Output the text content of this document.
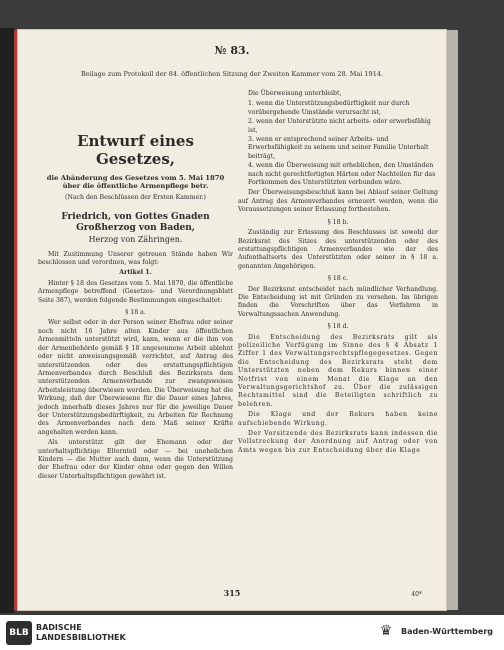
№ 83.
Beilage zum Protokoll der 84. öffentlichen Sitzung der Zweiten Kammer vom 28. Mai 1914.
Entwurf eines Gesetzes,
die Abänderung des Gesetzes vom 5. Mai 1870 über die öffentliche Armenpflege betr.
(Nach den Beschlüssen der Ersten Kammer.)
Friedrich, von Gottes Gnaden Großherzog von Baden,
Herzog von Zähringen.
Mit Zustimmung Unserer getreuen Stände haben Wir beschlossen und verordnen, was folgt:
Artikel 1.
Hinter § 18 des Gesetzes vom 5. Mai 1870, die öffentliche Armenpflege betreffend (Gesetzes- und Verordnungsblatt Seite 387), werden folgende Bestimmungen eingeschaltet:
§ 18 a.
Wer selbst oder in der Person seiner Ehefrau oder seiner noch nicht 16 Jahre alten Kinder aus öffentlichen Armenmitteln unterstützt wird, kann, wenn er die ihm von der Armenbehörde gemäß § 18 angesonnene Arbeit ablehnt oder nicht anweisungsgemäß verrichtet, auf Antrag des unterstützenden oder des erstattungspflichtigen Armenverbandes durch Beschluß des Bezirksrats dem unterstützenden Armenverbande zur zwangsweisen Arbeitsleistung überwiesen werden. Die Überweisung hat die Wirkung, daß der Überwiesene für die Dauer eines Jahres, jedoch innerhalb dieses Jahres nur für die jeweilige Dauer der Unterstützungsbedürftigkeit, zu Arbeiten für Rechnung des Armenverbandes nach dem Maß seiner Kräfte angehalten werden kann.
Als unterstützt gilt der Ehemann oder der unterhaltspflichtige Elternteil oder — bei unehelichen Kindern — die Mutter auch dann, wenn die Unterstützung der Ehefrau oder der Kinder ohne oder gegen den Willen dieser Unterhaltspflichtigen gewährt ist.
Die Überweisung unterbleibt,
1. wenn die Unterstützungsbedürftigkeit nur durch vorübergehende Umstände verursacht ist,
2. wenn der Unterstützte nicht arbeits- oder erwerbsfähig ist,
3. wenn er entsprechend seiner Arbeits- und Erwerbsfähigkeit zu seinem und seiner Familie Unterhalt beiträgt,
4. wenn die Überweisung mit erheblichen, den Umständen nach nicht gerechtfertigten Härten oder Nachteilen für das Fortkommen des Unterstützten verbunden wäre.
Der Überweisungsbeschluß kann bei Ablauf seiner Geltung auf Antrag des Armenverbandes erneuert werden, wenn die Voraussetzungen seiner Erlassung fortbestehen.
§ 18 b.
Zuständig zur Erlassung des Beschlusses ist sowohl der Bezirksrat des Sitzes des unterstützenden oder des erstattungspflichtigen Armenverbandes wie der des Aufenthaltsorts des Unterstützten oder seiner in § 18 a. genannten Angehörigen.
§ 18 c.
Der Bezirksrat entscheidet nach mündlicher Verhandlung. Die Entscheidung ist mit Gründen zu versehen. Im übrigen finden die Vorschriften über das Verfahren in Verwaltungssachen Anwendung.
§ 18 d.
Die Entscheidung des Bezirksrats gilt als polizeiliche Verfügung im Sinne des § 4 Absatz 1 Ziffer 1 des Verwaltungsrechtspflegegesetzes. Gegen die Entscheidung des Bezirksrats steht dem Unterstützten neben dem Rekurs binnen einer Notfrist von einem Monat die Klage an den Verwaltungsgerichtshof zu. Über die zulässigen Rechtsmittel sind die Beteiligten schriftlich zu belehren.
Die Klage und der Rekurs haben keine aufschiebende Wirkung.
Der Vorsitzende des Bezirksrats kann indessen die Vollstreckung der Anordnung auf Antrag oder von Amts wegen bis zur Entscheidung über die Klage
315	40*
BLB
BADISCHE
LANDESBIBLIOTHEK	♛	Baden-Württemberg
